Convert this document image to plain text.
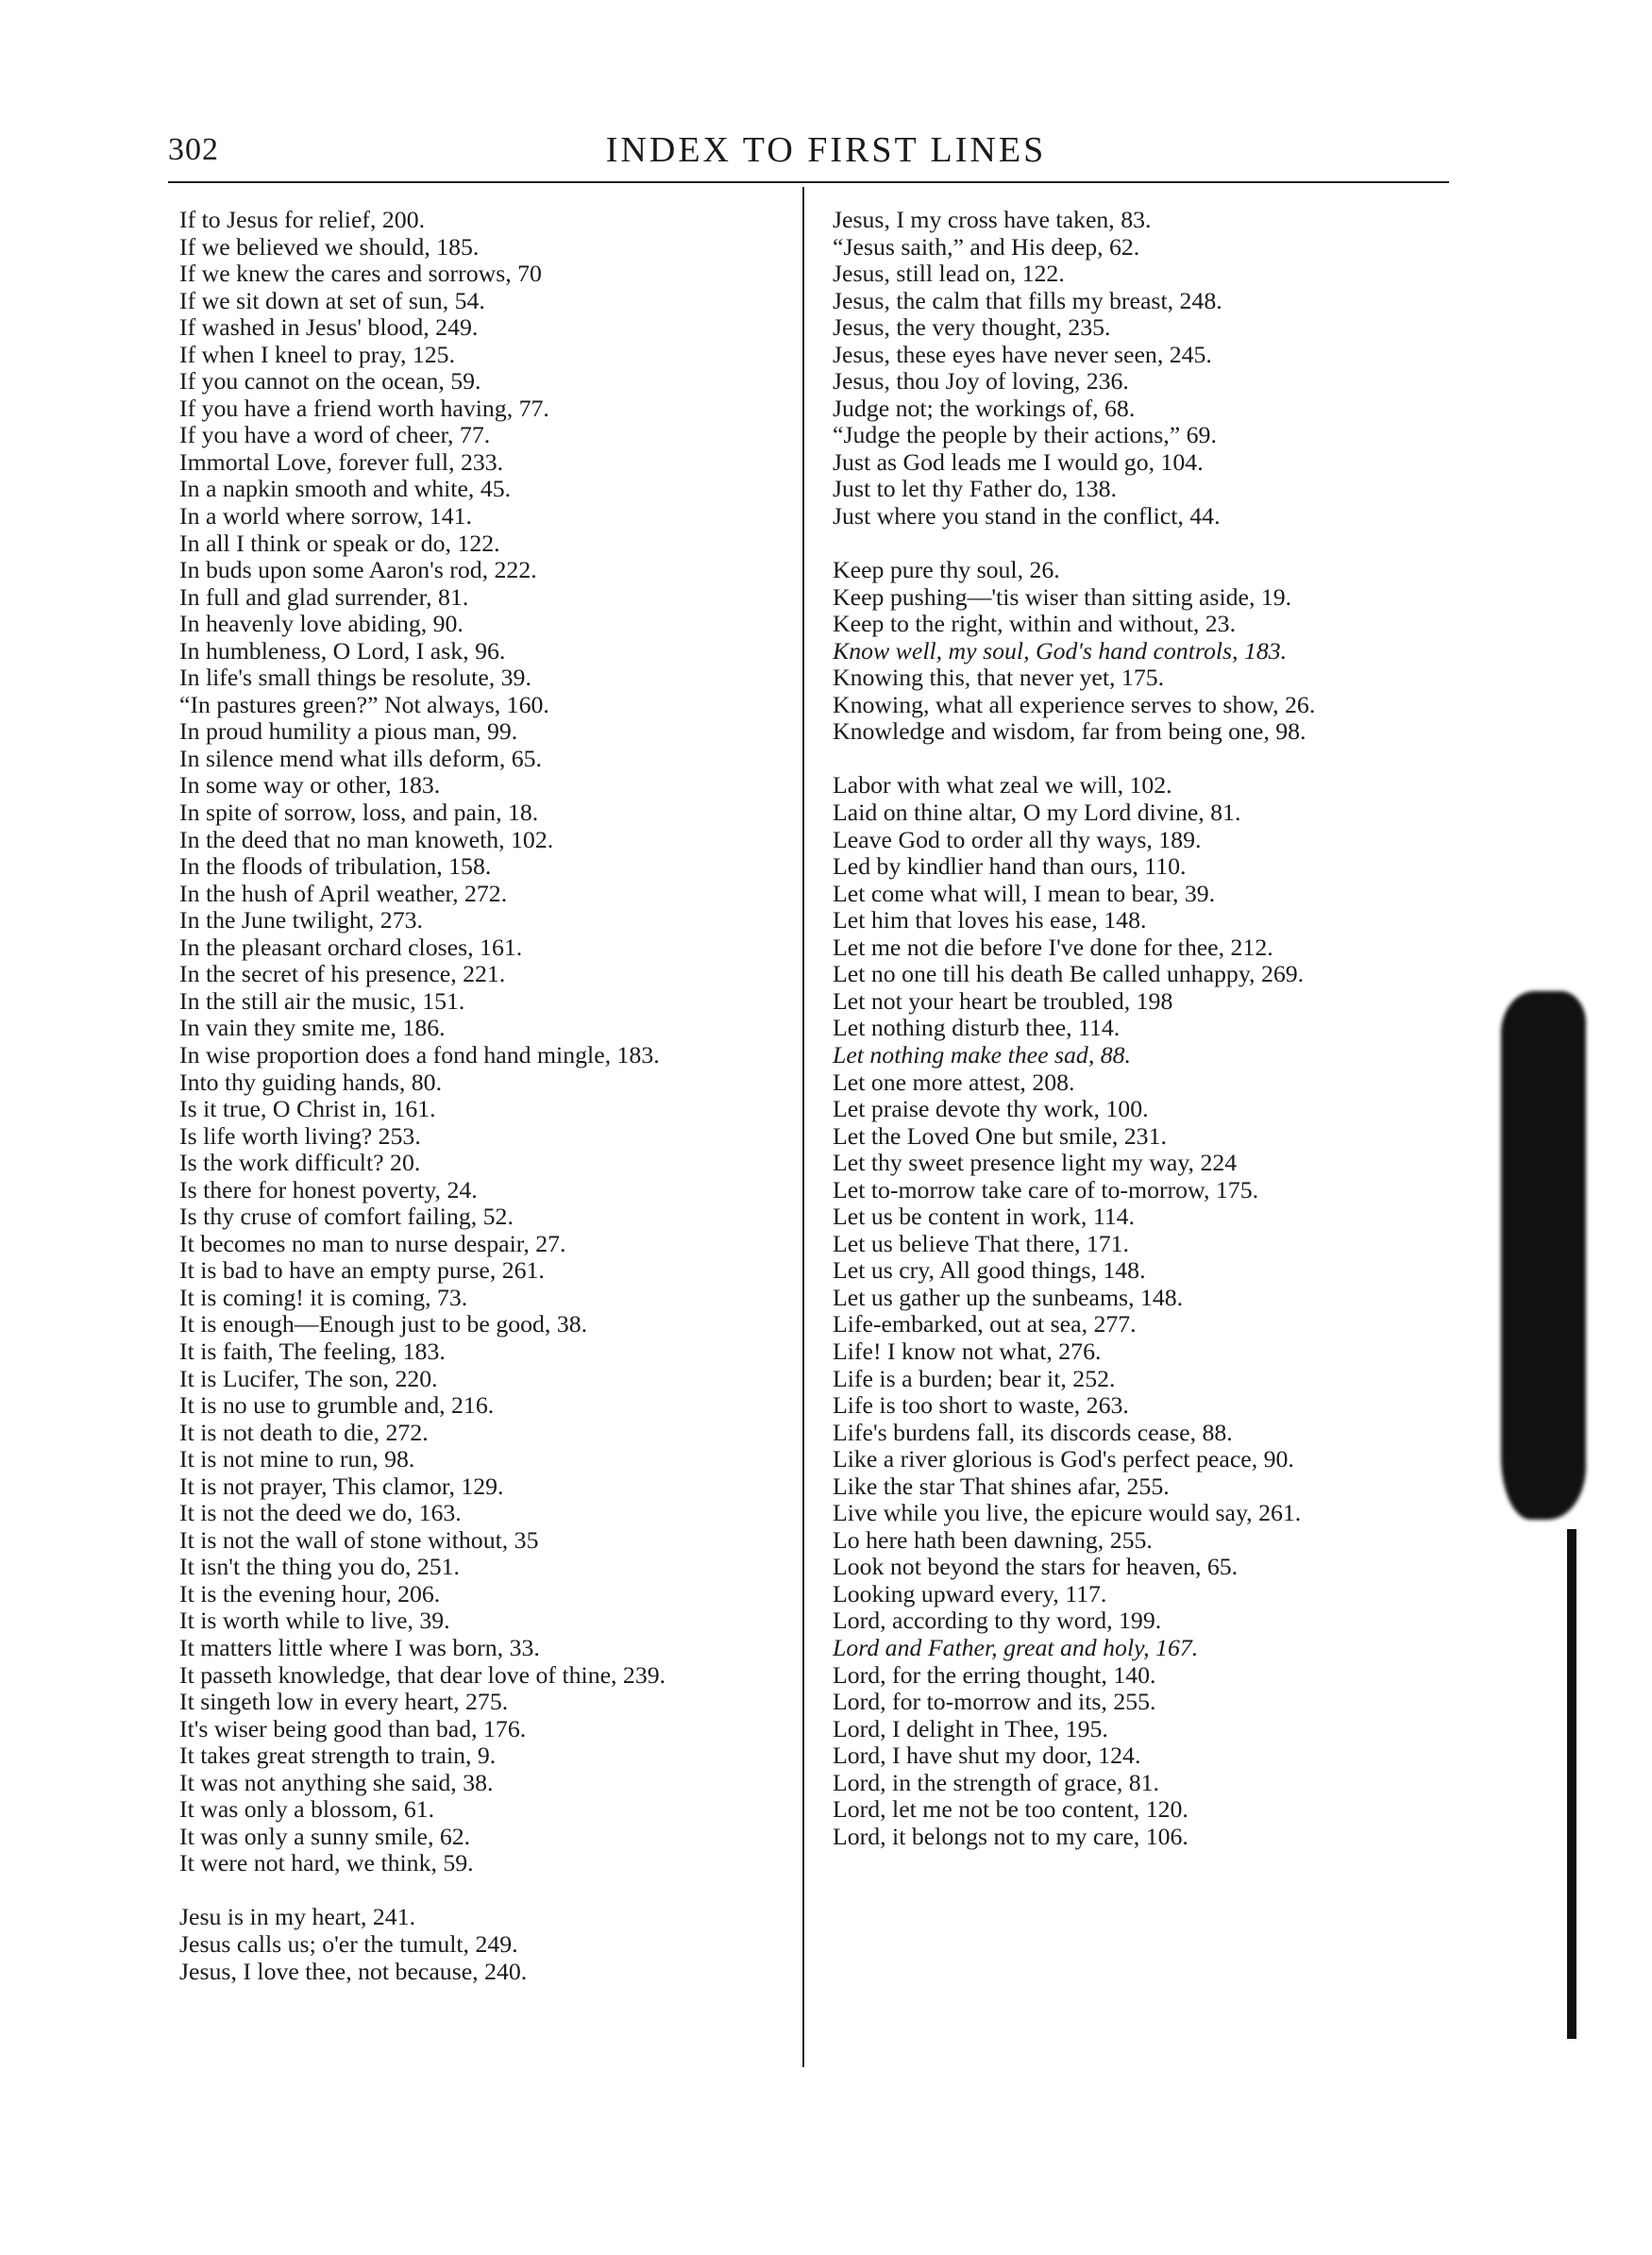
302	INDEX TO FIRST LINES

If to Jesus for relief, 200.

If we believed we should, 185.

If we knew the cares and sorrows, 70

If we sit down at set of sun, 54.

If washed in Jesus' blood, 249.

If when I kneel to pray, 125.

If you cannot on the ocean, 59.

If you have a friend worth having, 77.

If you have a word of cheer, 77.

Immortal Love, forever full, 233.

In a napkin smooth and white, 45.

In a world where sorrow, 141.

In all I think or speak or do, 122.

In buds upon some Aaron's rod, 222.

In full and glad surrender, 81.

In heavenly love abiding, 90.

In humbleness, O Lord, I ask, 96.

In life's small things be resolute, 39.

“In pastures green?” Not always, 160.

In proud humility a pious man, 99.

In silence mend what ills deform, 65.

In some way or other, 183.

In spite of sorrow, loss, and pain, 18.

In the deed that no man knoweth, 102.

In the floods of tribulation, 158.

In the hush of April weather, 272.

In the June twilight, 273.

In the pleasant orchard closes, 161.

In the secret of his presence, 221.

In the still air the music, 151.

In vain they smite me, 186.

In wise proportion does a fond hand mingle, 183.

Into thy guiding hands, 80.

Is it true, O Christ in, 161.

Is life worth living? 253.

Is the work difficult? 20.

Is there for honest poverty, 24.

Is thy cruse of comfort failing, 52.

It becomes no man to nurse despair, 27.

It is bad to have an empty purse, 261.

It is coming! it is coming, 73.

It is enough—Enough just to be good, 38.

It is faith, The feeling, 183.

It is Lucifer, The son, 220.

It is no use to grumble and, 216.

It is not death to die, 272.

It is not mine to run, 98.

It is not prayer, This clamor, 129.

It is not the deed we do, 163.

It is not the wall of stone without, 35

It isn't the thing you do, 251.

It is the evening hour, 206.

It is worth while to live, 39.

It matters little where I was born, 33.

It passeth knowledge, that dear love of thine, 239.

It singeth low in every heart, 275.

It's wiser being good than bad, 176.

It takes great strength to train, 9.

It was not anything she said, 38.

It was only a blossom, 61.

It was only a sunny smile, 62.

It were not hard, we think, 59.

Jesu is in my heart, 241.

Jesus calls us; o'er the tumult, 249.

Jesus, I love thee, not because, 240.

Jesus, I my cross have taken, 83.

“Jesus saith,” and His deep, 62.

Jesus, still lead on, 122.

Jesus, the calm that fills my breast, 248.

Jesus, the very thought, 235.

Jesus, these eyes have never seen, 245.

Jesus, thou Joy of loving, 236.

Judge not; the workings of, 68.

“Judge the people by their actions,” 69.

Just as God leads me I would go, 104.

Just to let thy Father do, 138.

Just where you stand in the conflict, 44.

Keep pure thy soul, 26.

Keep pushing—'tis wiser than sitting aside, 19.

Keep to the right, within and without, 23.

Know well, my soul, God's hand controls, 183.

Knowing this, that never yet, 175.

Knowing, what all experience serves to show, 26.

Knowledge and wisdom, far from being one, 98.

Labor with what zeal we will, 102.

Laid on thine altar, O my Lord divine, 81.

Leave God to order all thy ways, 189.

Led by kindlier hand than ours, 110.

Let come what will, I mean to bear, 39.

Let him that loves his ease, 148.

Let me not die before I've done for thee, 212.

Let no one till his death Be called unhappy, 269.

Let not your heart be troubled, 198

Let nothing disturb thee, 114.

Let nothing make thee sad, 88.

Let one more attest, 208.

Let praise devote thy work, 100.

Let the Loved One but smile, 231.

Let thy sweet presence light my way, 224

Let to-morrow take care of to-morrow, 175.

Let us be content in work, 114.

Let us believe That there, 171.

Let us cry, All good things, 148.

Let us gather up the sunbeams, 148.

Life-embarked, out at sea, 277.

Life! I know not what, 276.

Life is a burden; bear it, 252.

Life is too short to waste, 263.

Life's burdens fall, its discords cease, 88.

Like a river glorious is God's perfect peace, 90.

Like the star That shines afar, 255.

Live while you live, the epicure would say, 261.

Lo here hath been dawning, 255.

Look not beyond the stars for heaven, 65.

Looking upward every, 117.

Lord, according to thy word, 199.

Lord and Father, great and holy, 167.

Lord, for the erring thought, 140.

Lord, for to-morrow and its, 255.

Lord, I delight in Thee, 195.

Lord, I have shut my door, 124.

Lord, in the strength of grace, 81.

Lord, let me not be too content, 120.

Lord, it belongs not to my care, 106.
